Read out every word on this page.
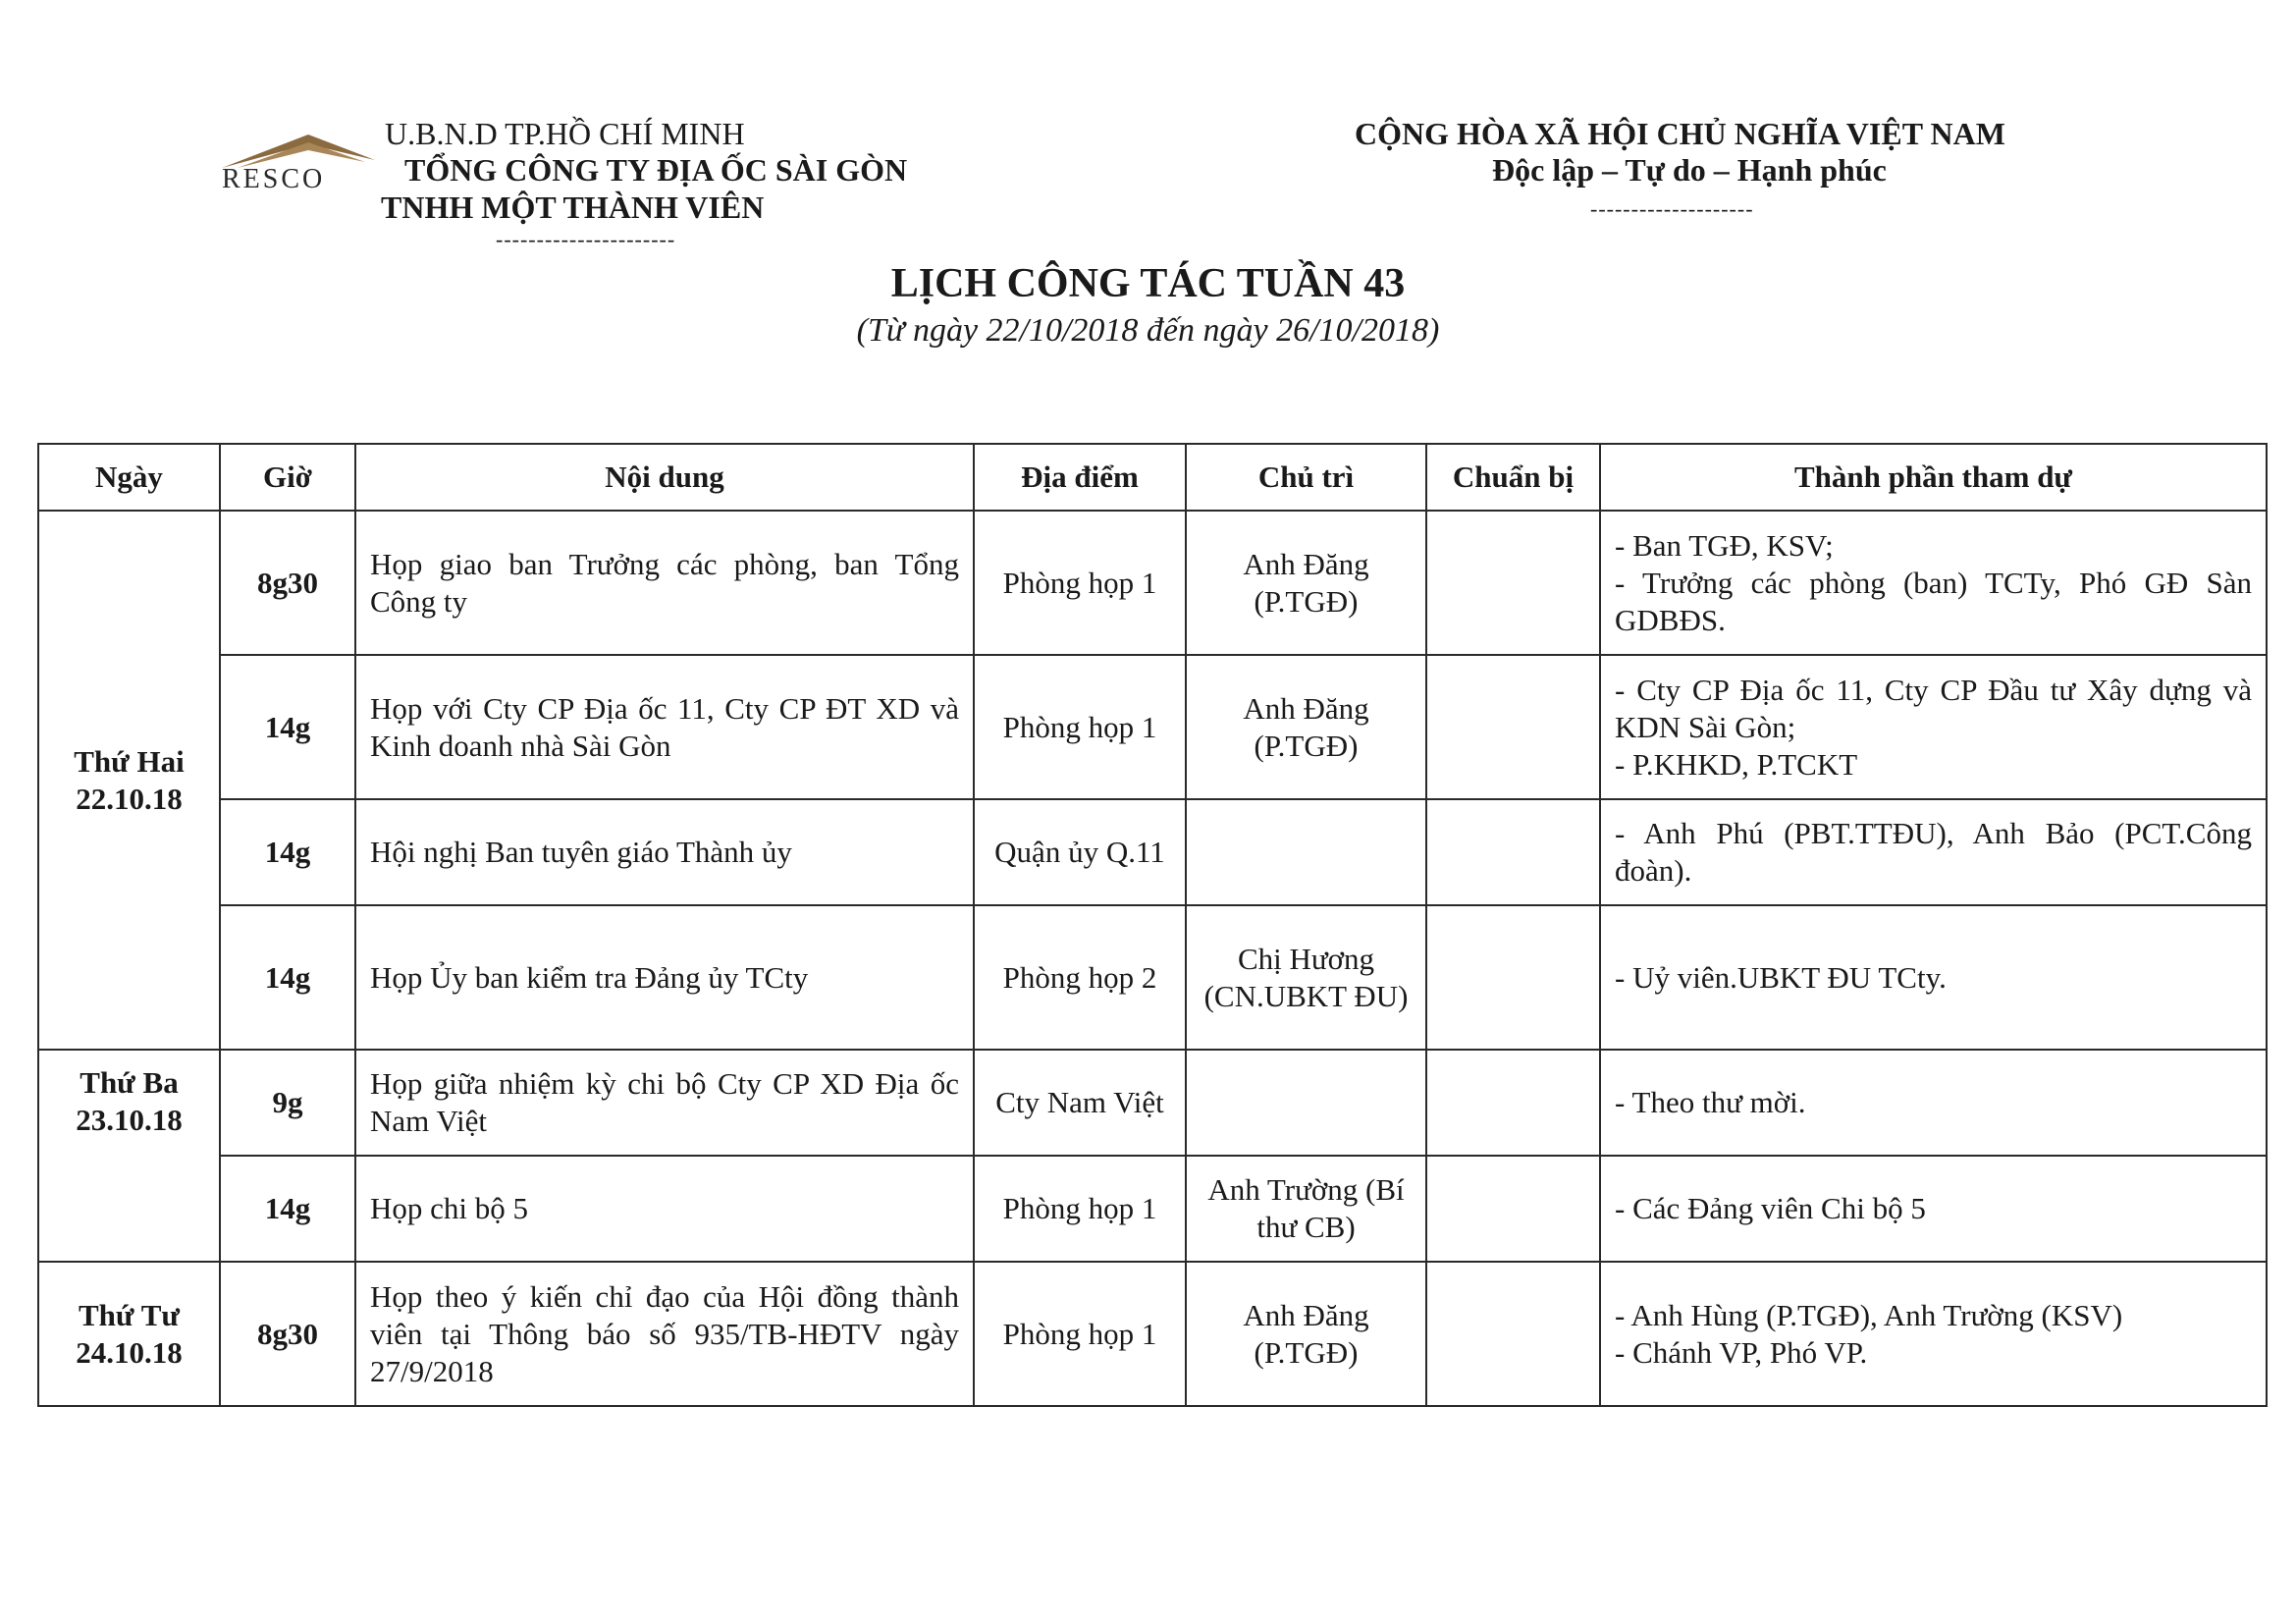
RESCO
U.B.N.D TP.HỒ CHÍ MINH
TỔNG CÔNG TY ĐỊA ỐC SÀI GÒN
TNHH MỘT THÀNH VIÊN
----------------------
CỘNG HÒA XÃ HỘI CHỦ NGHĨA VIỆT NAM
Độc lập – Tự do – Hạnh phúc
--------------------
LỊCH CÔNG TÁC TUẦN 43
(Từ ngày 22/10/2018 đến ngày 26/10/2018)
Ngày	Giờ	Nội dung	Địa điểm	Chủ trì	Chuẩn bị	Thành phần tham dự

Thứ Hai
22.10.18	8g30	Họp giao ban Trưởng các phòng, ban Tổng Công ty	Phòng họp 1	Anh Đăng (P.TGĐ)		- Ban TGĐ, KSV;
- Trưởng các phòng (ban) TCTy, Phó GĐ Sàn GDBĐS.

	14g	Họp với Cty CP Địa ốc 11, Cty CP ĐT XD và Kinh doanh nhà Sài Gòn	Phòng họp 1	Anh Đăng (P.TGĐ)		- Cty CP Địa ốc 11, Cty CP Đầu tư Xây dựng và KDN Sài Gòn;
- P.KHKD, P.TCKT

	14g	Hội nghị Ban tuyên giáo Thành ủy	Quận ủy Q.11			- Anh Phú (PBT.TTĐU), Anh Bảo (PCT.Công đoàn).

	14g	Họp Ủy ban kiểm tra Đảng ủy TCty	Phòng họp 2	Chị Hương (CN.UBKT ĐU)		- Uỷ viên.UBKT ĐU TCty.

Thứ Ba
23.10.18	9g	Họp giữa nhiệm kỳ chi bộ Cty CP XD Địa ốc Nam Việt	Cty Nam Việt			- Theo thư mời.

	14g	Họp chi bộ 5	Phòng họp 1	Anh Trường (Bí thư CB)		- Các Đảng viên Chi bộ 5

Thứ Tư
24.10.18	8g30	Họp theo ý kiến chỉ đạo của Hội đồng thành viên tại Thông báo số 935/TB-HĐTV ngày 27/9/2018	Phòng họp 1	Anh Đăng (P.TGĐ)		- Anh Hùng (P.TGĐ), Anh Trường (KSV)
- Chánh VP, Phó VP.
